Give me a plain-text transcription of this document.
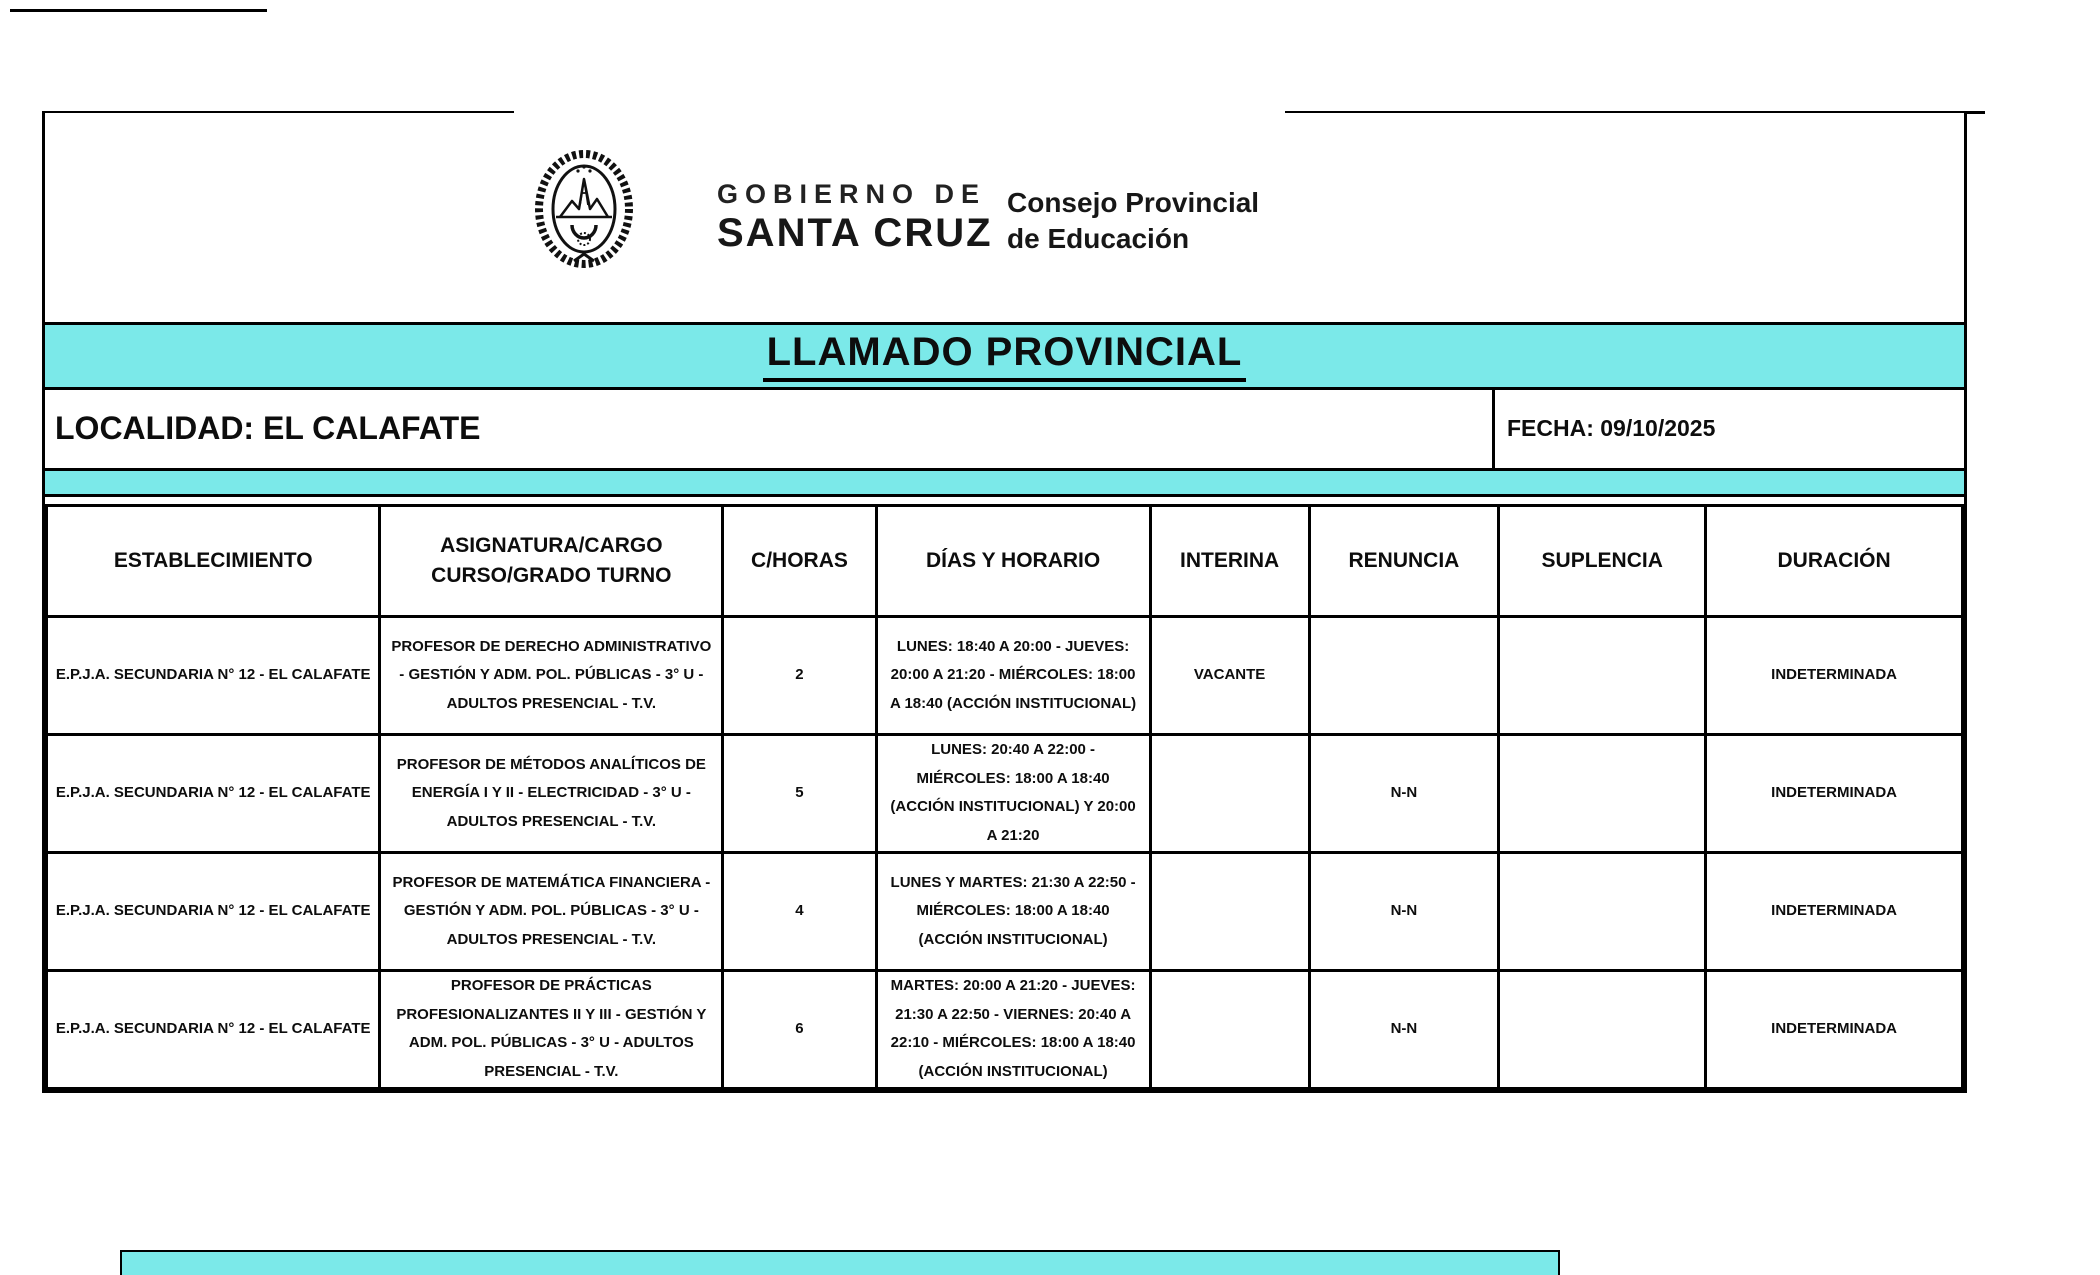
GOBIERNO DE
SANTA CRUZ
Consejo Provincial
de Educación
LLAMADO PROVINCIAL
LOCALIDAD: EL CALAFATE	FECHA: 09/10/2025
ESTABLECIMIENTO	ASIGNATURA/CARGO CURSO/GRADO TURNO	C/HORAS	DÍAS Y HORARIO	INTERINA	RENUNCIA	SUPLENCIA	DURACIÓN
E.P.J.A. SECUNDARIA N° 12 - EL CALAFATE	PROFESOR DE DERECHO ADMINISTRATIVO - GESTIÓN Y ADM. POL. PÚBLICAS - 3° U - ADULTOS PRESENCIAL - T.V.	2	LUNES: 18:40 A 20:00 - JUEVES: 20:00 A 21:20 - MIÉRCOLES: 18:00 A 18:40 (ACCIÓN INSTITUCIONAL)	VACANTE			INDETERMINADA
E.P.J.A. SECUNDARIA N° 12 - EL CALAFATE	PROFESOR DE MÉTODOS ANALÍTICOS DE ENERGÍA I Y II - ELECTRICIDAD - 3° U - ADULTOS PRESENCIAL - T.V.	5	LUNES: 20:40 A 22:00 - MIÉRCOLES: 18:00 A 18:40 (ACCIÓN INSTITUCIONAL) Y 20:00 A 21:20		N-N		INDETERMINADA
E.P.J.A. SECUNDARIA N° 12 - EL CALAFATE	PROFESOR DE MATEMÁTICA FINANCIERA - GESTIÓN Y ADM. POL. PÚBLICAS - 3° U - ADULTOS PRESENCIAL - T.V.	4	LUNES Y MARTES: 21:30 A 22:50 - MIÉRCOLES: 18:00 A 18:40 (ACCIÓN INSTITUCIONAL)		N-N		INDETERMINADA
E.P.J.A. SECUNDARIA N° 12 - EL CALAFATE	PROFESOR DE PRÁCTICAS PROFESIONALIZANTES II Y III - GESTIÓN Y ADM. POL. PÚBLICAS - 3° U - ADULTOS PRESENCIAL - T.V.	6	MARTES: 20:00 A 21:20 - JUEVES: 21:30 A 22:50 - VIERNES: 20:40 A 22:10 - MIÉRCOLES: 18:00 A 18:40 (ACCIÓN INSTITUCIONAL)		N-N		INDETERMINADA
